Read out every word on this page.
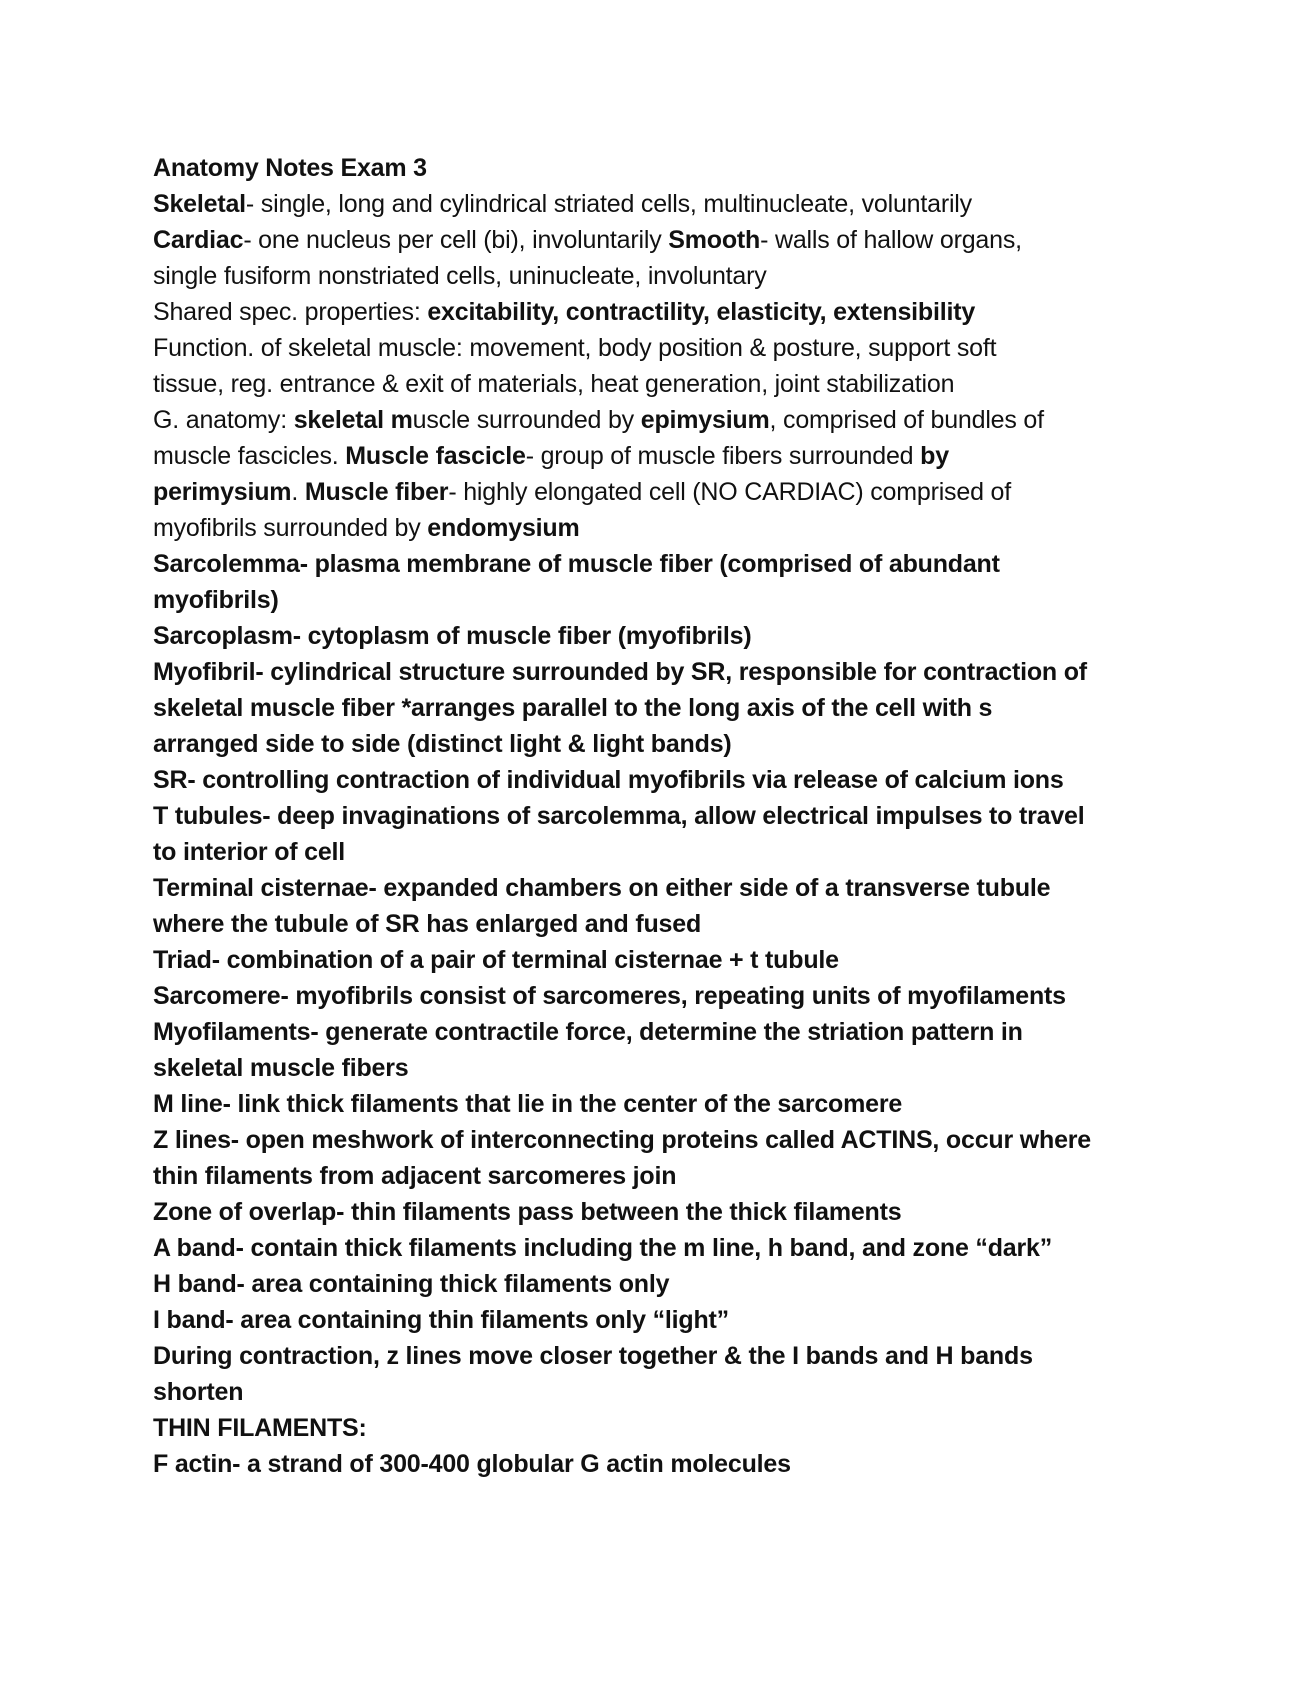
Anatomy Notes Exam 3
Skeletal- single, long and cylindrical striated cells, multinucleate, voluntarily
Cardiac- one nucleus per cell (bi), involuntarily Smooth- walls of hallow organs,
single fusiform nonstriated cells, uninucleate, involuntary
Shared spec. properties: excitability, contractility, elasticity, extensibility
Function. of skeletal muscle: movement, body position & posture, support soft
tissue, reg. entrance & exit of materials, heat generation, joint stabilization
G. anatomy: skeletal muscle surrounded by epimysium, comprised of bundles of
muscle fascicles. Muscle fascicle- group of muscle fibers surrounded by
perimysium. Muscle fiber- highly elongated cell (NO CARDIAC) comprised of
myofibrils surrounded by endomysium
Sarcolemma- plasma membrane of muscle fiber (comprised of abundant
myofibrils)
Sarcoplasm- cytoplasm of muscle fiber (myofibrils)
Myofibril- cylindrical structure surrounded by SR, responsible for contraction of
skeletal muscle fiber *arranges parallel to the long axis of the cell with s
arranged side to side (distinct light & light bands)
SR- controlling contraction of individual myofibrils via release of calcium ions
T tubules- deep invaginations of sarcolemma, allow electrical impulses to travel
to interior of cell
Terminal cisternae- expanded chambers on either side of a transverse tubule
where the tubule of SR has enlarged and fused
Triad- combination of a pair of terminal cisternae + t tubule
Sarcomere- myofibrils consist of sarcomeres, repeating units of myofilaments
Myofilaments- generate contractile force, determine the striation pattern in
skeletal muscle fibers
M line- link thick filaments that lie in the center of the sarcomere
Z lines- open meshwork of interconnecting proteins called ACTINS, occur where
thin filaments from adjacent sarcomeres join
Zone of overlap- thin filaments pass between the thick filaments
A band- contain thick filaments including the m line, h band, and zone “dark”
H band- area containing thick filaments only
I band- area containing thin filaments only “light”
During contraction, z lines move closer together & the I bands and H bands
shorten
THIN FILAMENTS:
F actin- a strand of 300-400 globular G actin molecules
